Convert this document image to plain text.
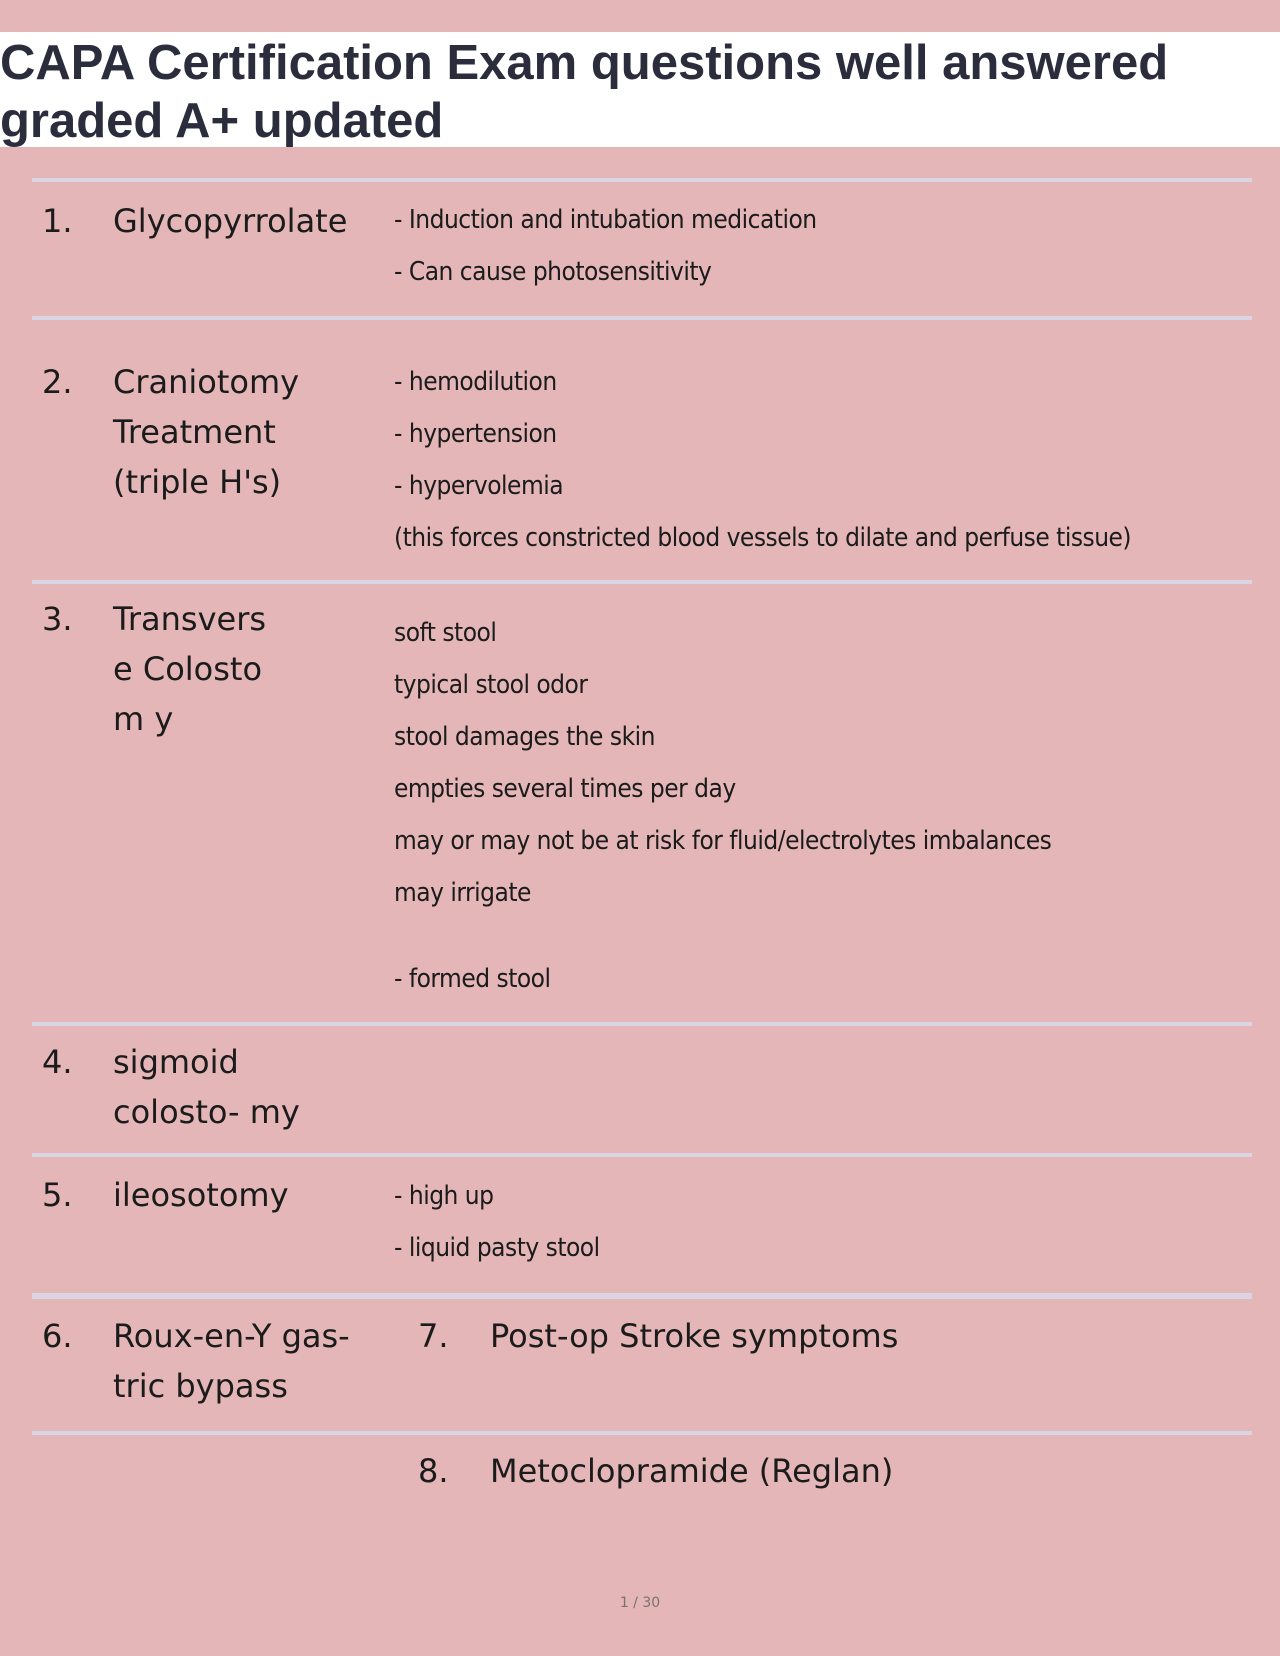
CAPA Certification Exam questions well answered graded A+ updated
1.	Glycopyrrolate	- Induction and intubation medication
- Can cause photosensitivity
2.	Craniotomy Treatment (triple H's)
- hemodilution
- hypertension
- hypervolemia
(this forces constricted blood vessels to dilate and perfuse tissue)
3.	Transvers e Colostom y
soft stool
typical stool odor
stool damages the skin
empties several times per day
may or may not be at risk for fluid/electrolytes imbalances
may irrigate
- formed stool
4.	sigmoid colosto- my
5.	ileosotomy	- high up
- liquid pasty stool
6.	Roux-en-Y gas- tric bypass
7.	Post-op Stroke symptoms
8.	Metoclopramide (Reglan)
1 / 30
